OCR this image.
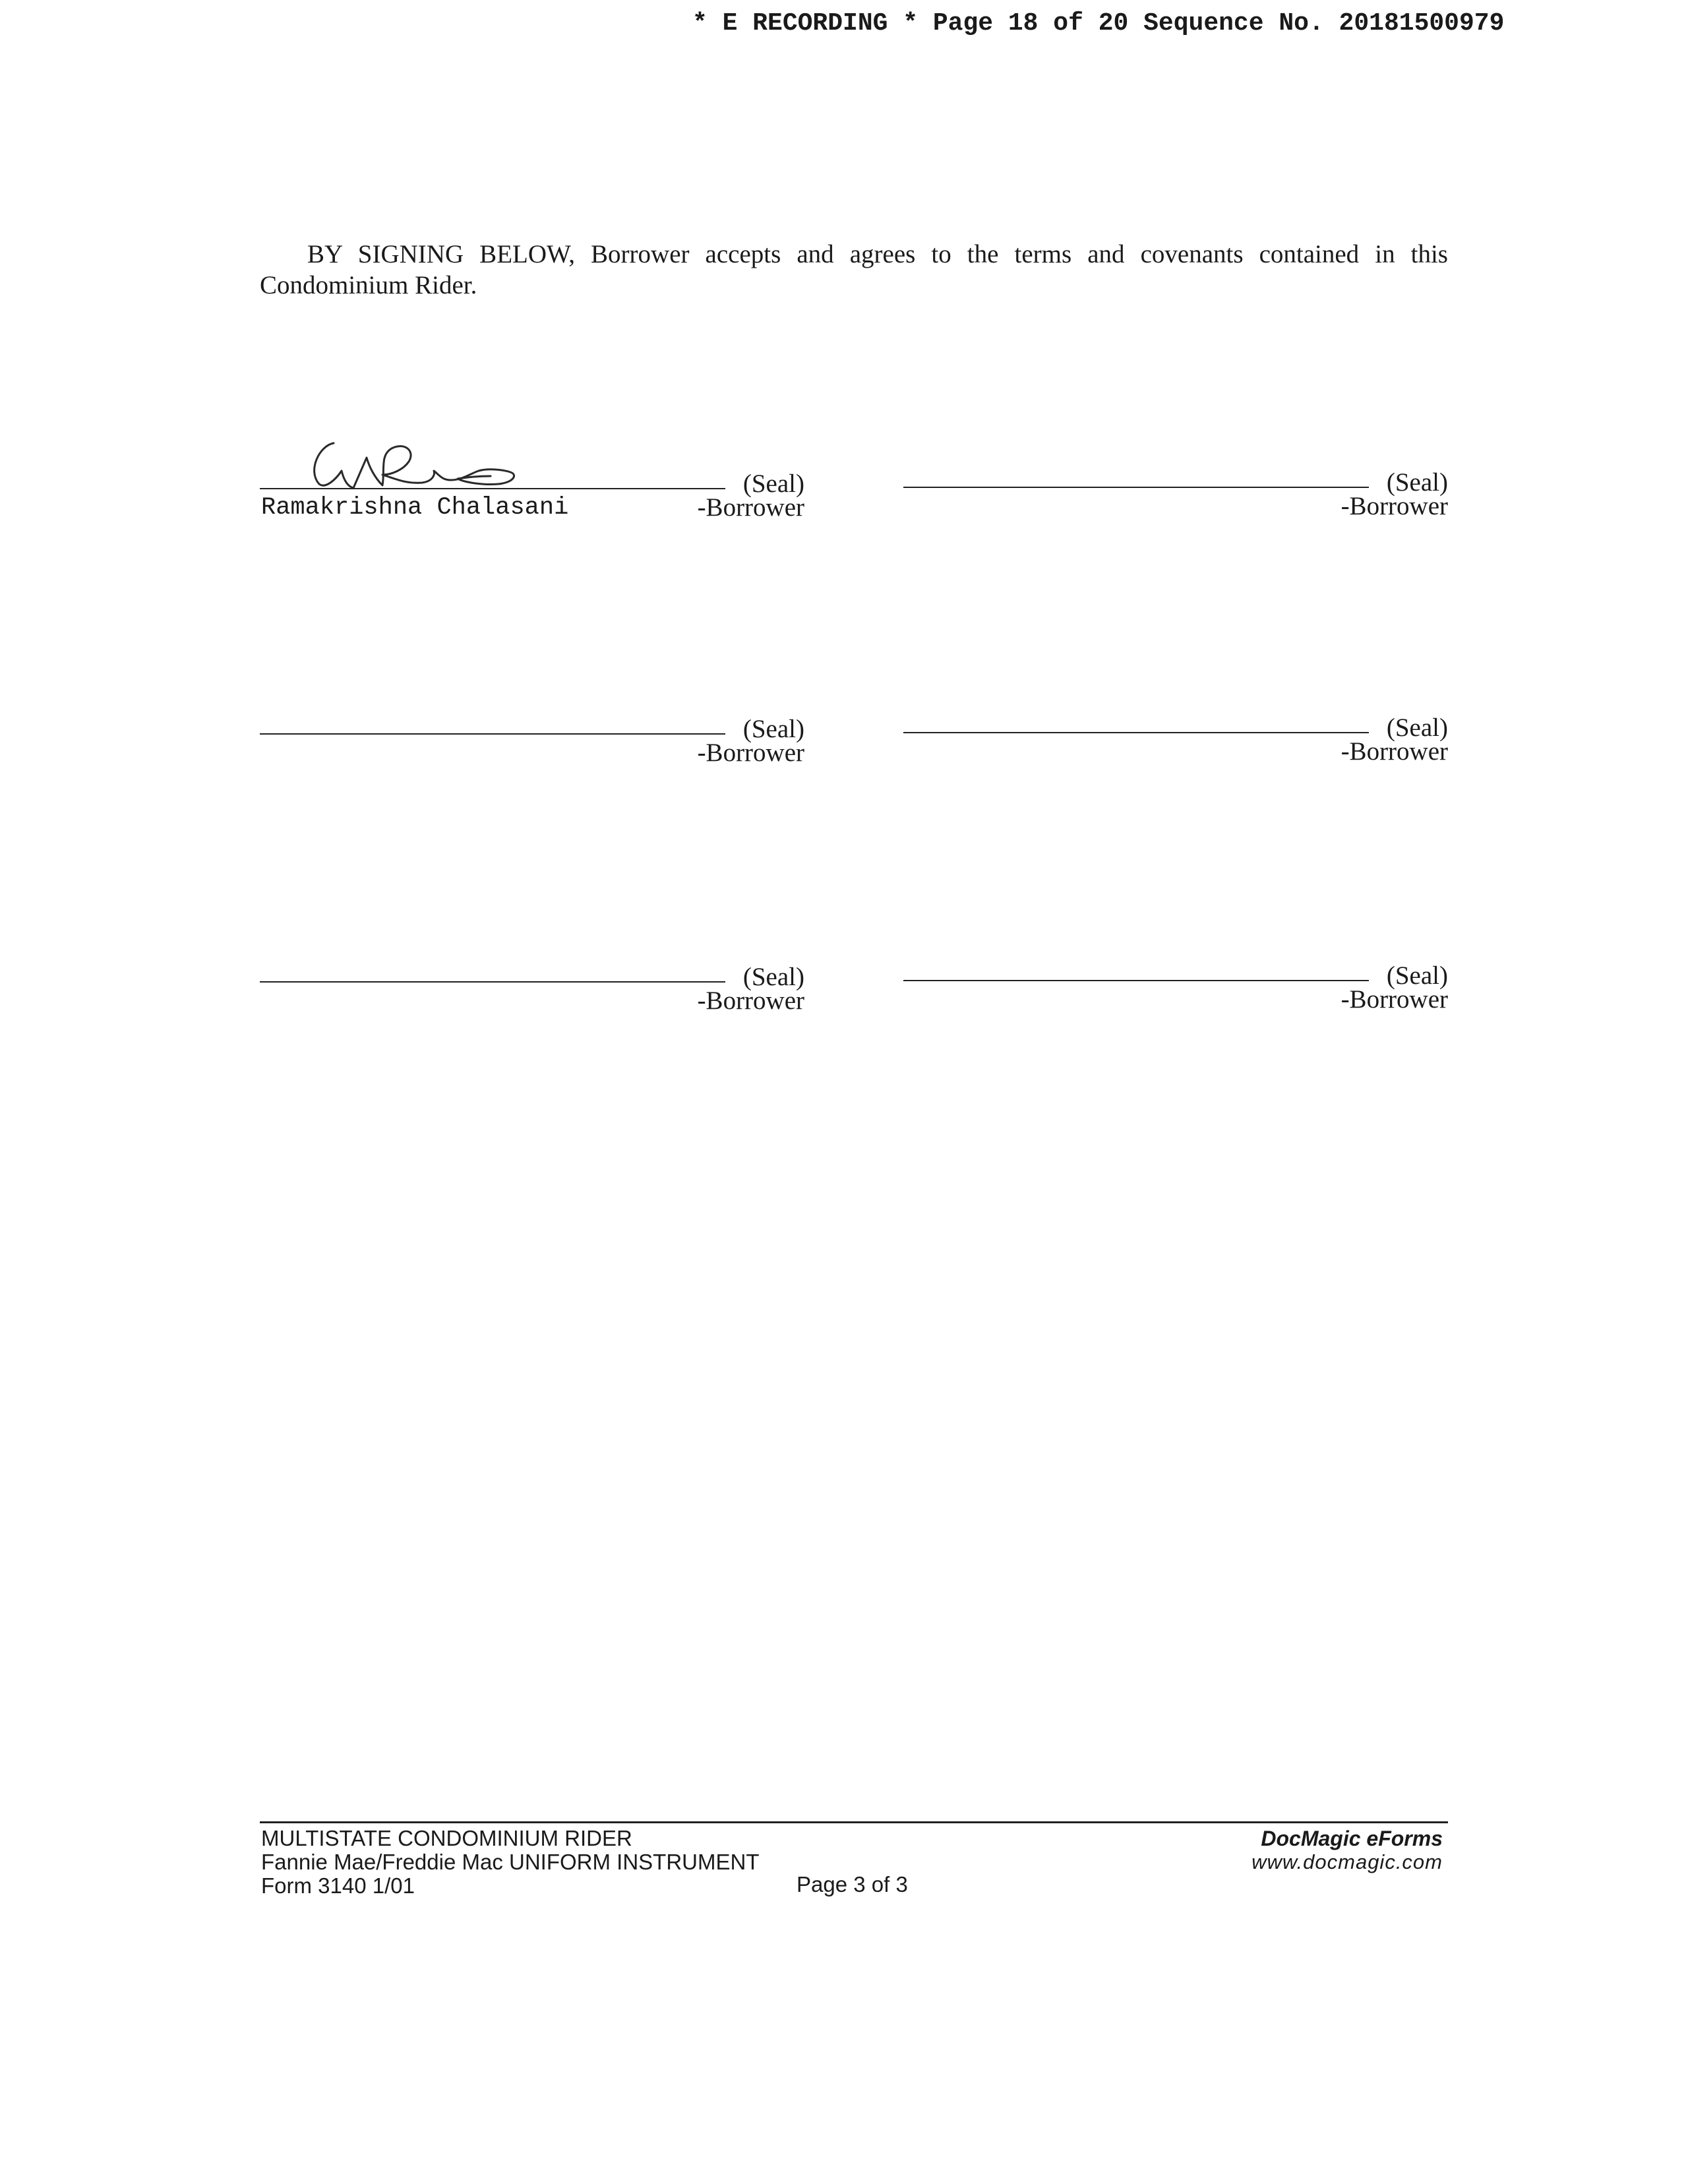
* E RECORDING * Page 18 of 20 Sequence No. 20181500979
BY SIGNING BELOW, Borrower accepts and agrees to the terms and covenants contained in this Condominium Rider.
(Seal)
Ramakrishna Chalasani	-Borrower
(Seal)
-Borrower
(Seal)
-Borrower
(Seal)
-Borrower
(Seal)
-Borrower
(Seal)
-Borrower
MULTISTATE CONDOMINIUM RIDER
Fannie Mae/Freddie Mac UNIFORM INSTRUMENT
Form 3140 1/01	Page 3 of 3
DocMagic eForms
www.docmagic.com
